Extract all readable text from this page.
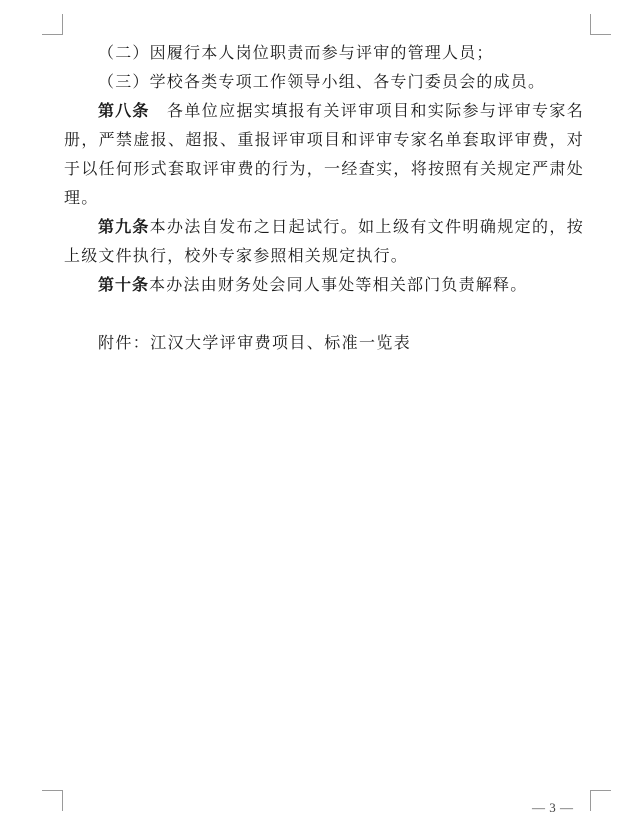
（二）因履行本人岗位职责而参与评审的管理人员；

（三）学校各类专项工作领导小组、各专门委员会的成员。

第八条　各单位应据实填报有关评审项目和实际参与评审专家名册，严禁虚报、超报、重报评审项目和评审专家名单套取评审费，对于以任何形式套取评审费的行为，一经查实，将按照有关规定严肃处理。

第九条本办法自发布之日起试行。如上级有文件明确规定的，按上级文件执行，校外专家参照相关规定执行。

第十条本办法由财务处会同人事处等相关部门负责解释。

附件：江汉大学评审费项目、标准一览表

— 3 —
